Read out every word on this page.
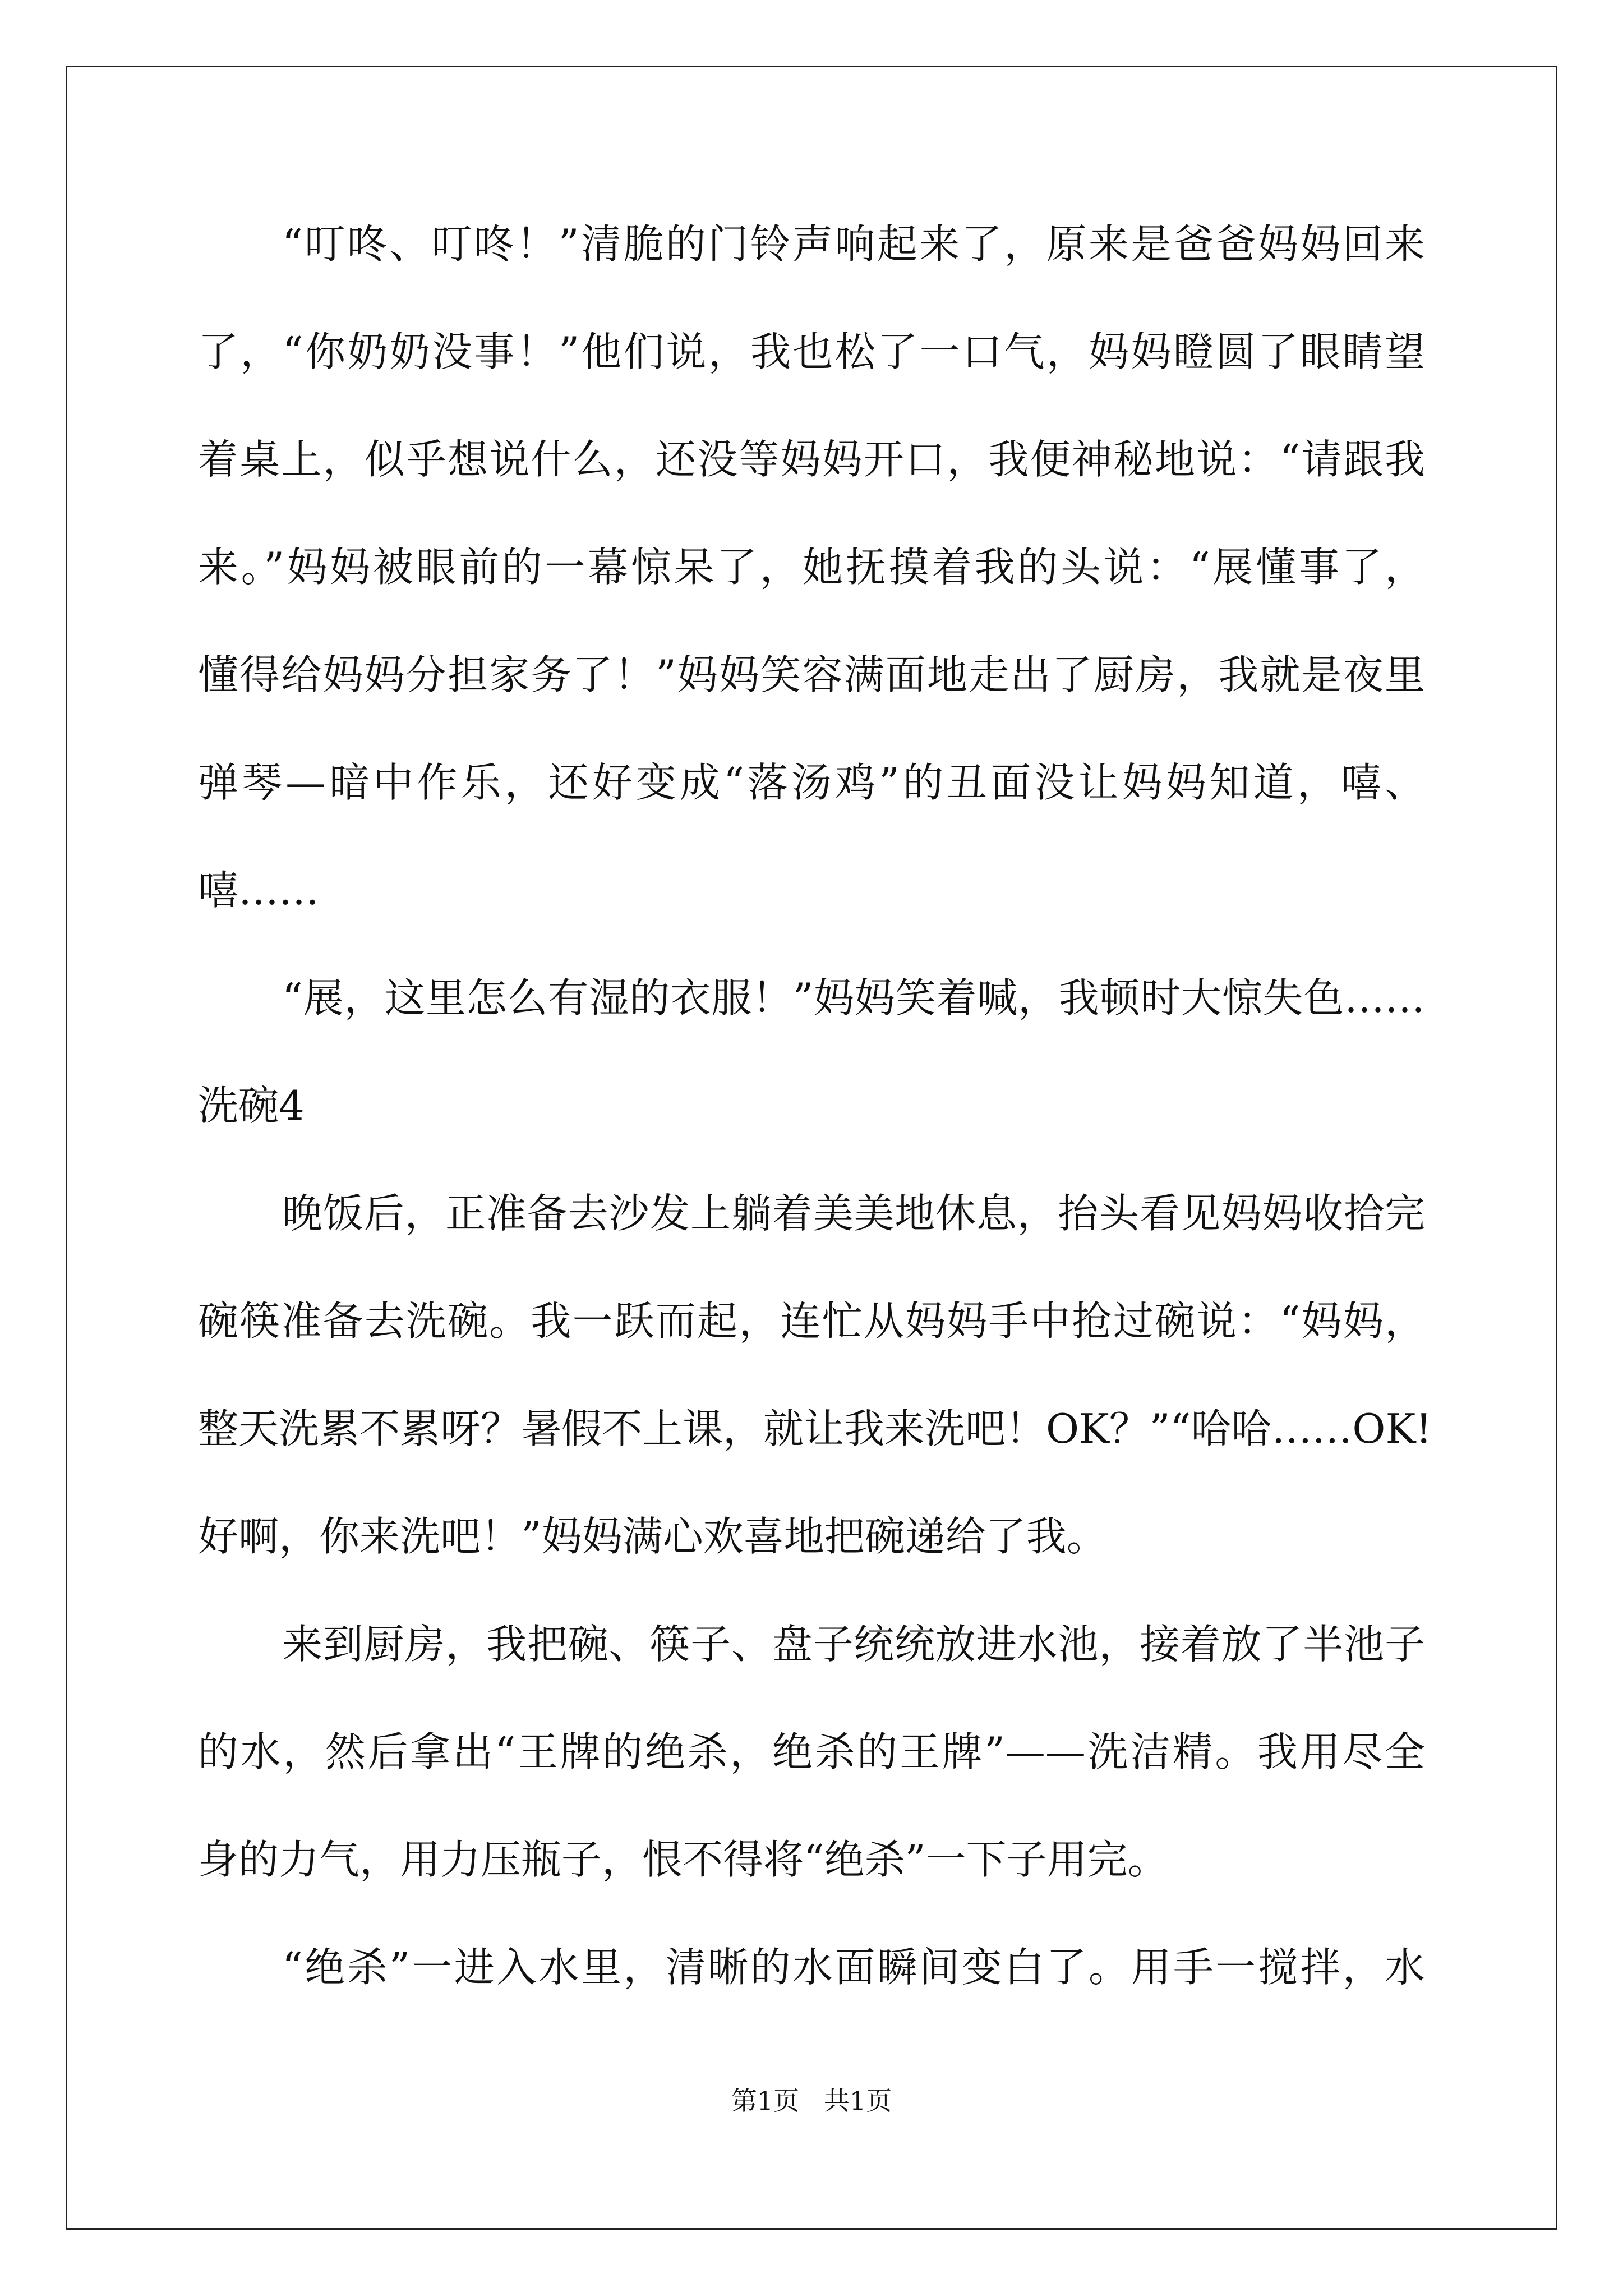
“叮咚、叮咚！”清脆的门铃声响起来了，原来是爸爸妈妈回来
了，“你奶奶没事！”他们说，我也松了一口气，妈妈瞪圆了眼睛望
着桌上，似乎想说什么，还没等妈妈开口，我便神秘地说：“请跟我
来。”妈妈被眼前的一幕惊呆了，她抚摸着我的头说：“展懂事了，
懂得给妈妈分担家务了！”妈妈笑容满面地走出了厨房，我就是夜里
弹琴—暗中作乐，还好变成“落汤鸡”的丑面没让妈妈知道，嘻、
嘻……
“展，这里怎么有湿的衣服！”妈妈笑着喊，我顿时大惊失色……
洗碗4
晚饭后，正准备去沙发上躺着美美地休息，抬头看见妈妈收拾完
碗筷准备去洗碗。我一跃而起，连忙从妈妈手中抢过碗说：“妈妈，
整天洗累不累呀？暑假不上课，就让我来洗吧！OK？”“哈哈……OK!
好啊，你来洗吧！”妈妈满心欢喜地把碗递给了我。
来到厨房，我把碗、筷子、盘子统统放进水池，接着放了半池子
的水，然后拿出“王牌的绝杀，绝杀的王牌”——洗洁精。我用尽全
身的力气，用力压瓶子，恨不得将“绝杀”一下子用完。
“绝杀”一进入水里，清晰的水面瞬间变白了。用手一搅拌，水
第1页   共1页
